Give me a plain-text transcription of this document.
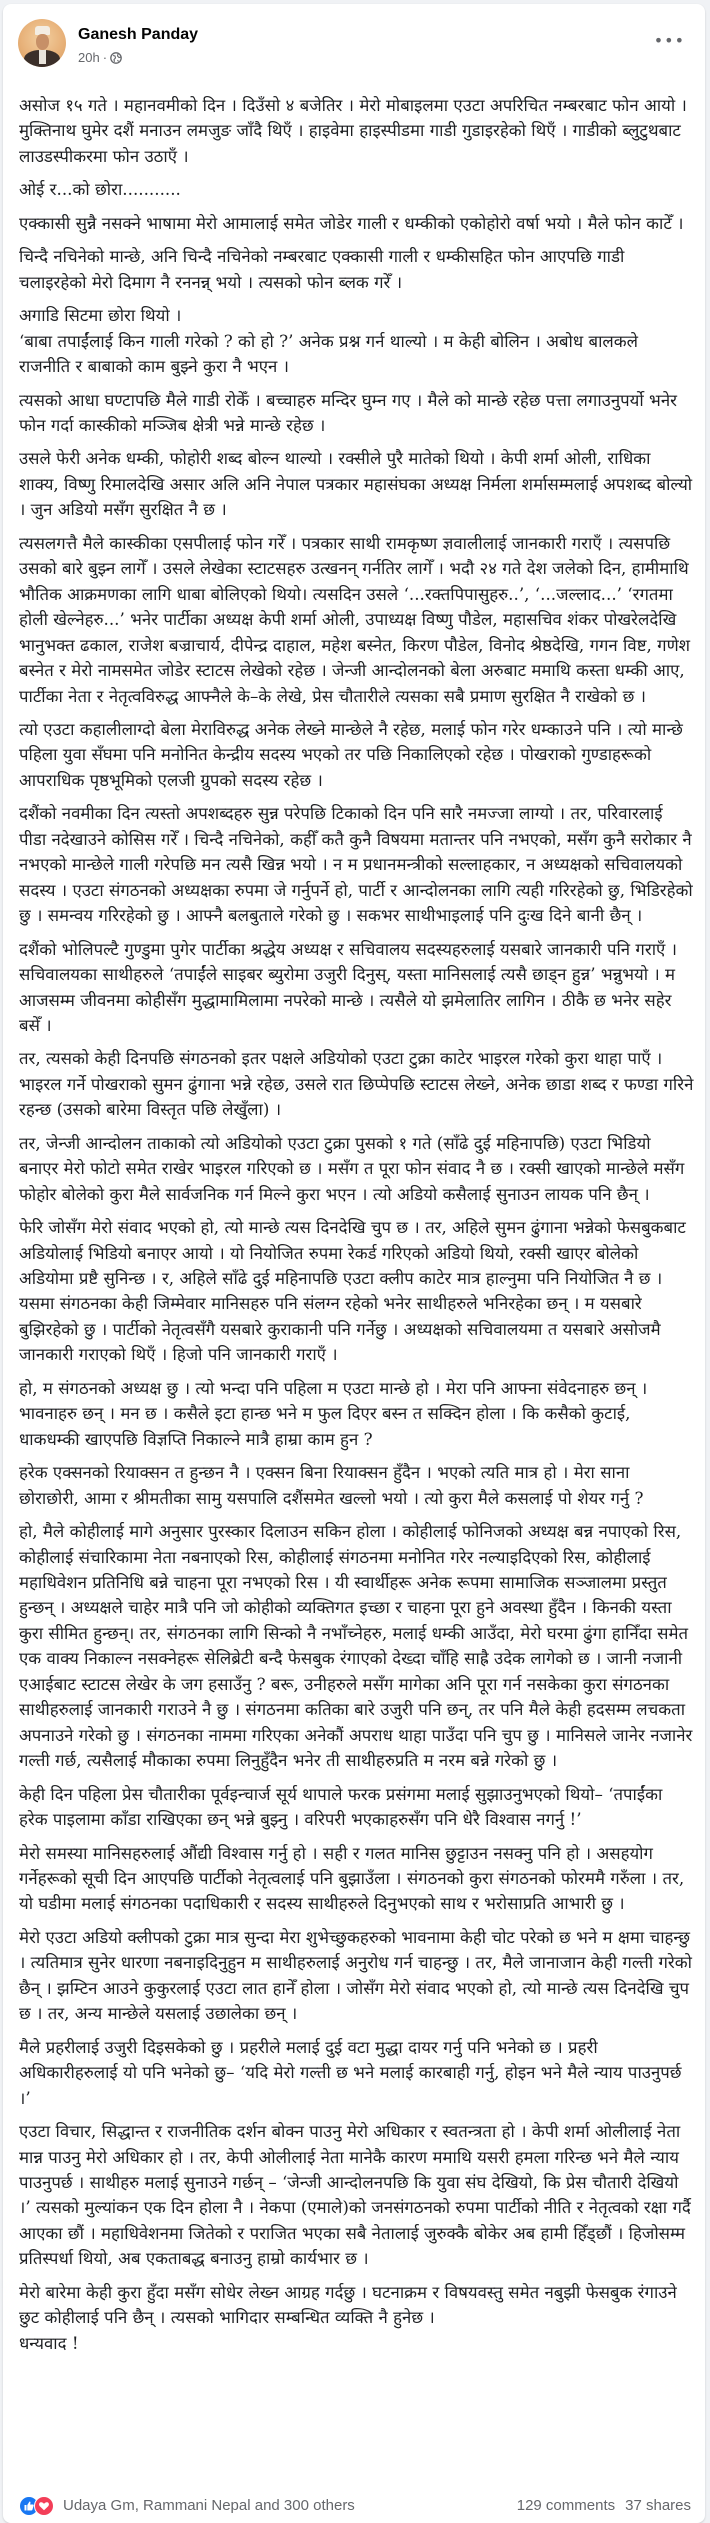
Ganesh Panday
20h ·
•••

असोज १५ गते । महानवमीको दिन । दिउँसो ४ बजेतिर । मेरो मोबाइलमा एउटा अपरिचित नम्बरबाट फोन आयो । मुक्तिनाथ घुमेर दशैं मनाउन लमजुङ जाँदै थिएँ । हाइवेमा हाइस्पीडमा गाडी गुडाइरहेको थिएँ । गाडीको ब्लुटुथबाट लाउडस्पीकरमा फोन उठाएँ ।

ओई र...को छोरा...........

एक्कासी सुन्नै नसक्ने भाषामा मेरो आमालाई समेत जोडेर गाली र धम्कीको एकोहोरो वर्षा भयो । मैले फोन काटेँ ।

चिन्दै नचिनेको मान्छे, अनि चिन्दै नचिनेको नम्बरबाट एक्कासी गाली र धम्कीसहित फोन आएपछि गाडी चलाइरहेको मेरो दिमाग नै रननन्न् भयो । त्यसको फोन ब्लक गरेँ ।

अगाडि सिटमा छोरा थियो ।
‘बाबा तपाईंलाई किन गाली गरेको ? को हो ?’ अनेक प्रश्न गर्न थाल्यो । म केही बोलिन । अबोध बालकले राजनीति र बाबाको काम बुझ्ने कुरा नै भएन ।

त्यसको आधा घण्टापछि मैले गाडी रोकेँ । बच्चाहरु मन्दिर घुम्न गए । मैले को मान्छे रहेछ पत्ता लगाउनुपर्यो भनेर फोन गर्दा कास्कीको मञ्जिब क्षेत्री भन्ने मान्छे रहेछ ।

उसले फेरी अनेक धम्की, फोहोरी शब्द बोल्न थाल्यो । रक्सीले पुरै मातेको थियो । केपी शर्मा ओली, राधिका शाक्य, विष्णु रिमालदेखि असार अलि अनि नेपाल पत्रकार महासंघका अध्यक्ष निर्मला शर्मासम्मलाई अपशब्द बोल्यो । जुन अडियो मसँग सुरक्षित नै छ ।

त्यसलगत्तै मैले कास्कीका एसपीलाई फोन गरेँ । पत्रकार साथी रामकृष्ण ज्ञवालीलाई जानकारी गराएँ । त्यसपछि उसको बारे बुझ्न लागेँ । उसले लेखेका स्टाटसहरु उत्खनन् गर्नतिर लागेँ । भदौ २४ गते देश जलेको दिन, हामीमाथि भौतिक आक्रमणका लागि धाबा बोलिएको थियो। त्यसदिन उसले ‘...रक्तपिपासुहरु..’, ‘...जल्लाद...’ ‘रगतमा होली खेल्नेहरु...’ भनेर पार्टीका अध्यक्ष केपी शर्मा ओली, उपाध्यक्ष विष्णु पौडेल, महासचिव शंकर पोखरेलदेखि भानुभक्त ढकाल, राजेश बज्राचार्य, दीपेन्द्र दाहाल, महेश बस्नेत, किरण पौडेल, विनोद श्रेष्ठदेखि, गगन विष्ट, गणेश बस्नेत र मेरो नामसमेत जोडेर स्टाटस लेखेको रहेछ । जेन्जी आन्दोलनको बेला अरुबाट ममाथि कस्ता धम्की आए, पार्टीका नेता र नेतृत्वविरुद्ध आफ्नैले के–के लेखे, प्रेस चौतारीले त्यसका सबै प्रमाण सुरक्षित नै राखेको छ ।

त्यो एउटा कहालीलाग्दो बेला मेराविरुद्ध अनेक लेख्ने मान्छेले नै रहेछ, मलाई फोन गरेर धम्काउने पनि । त्यो मान्छे पहिला युवा सँघमा पनि मनोनित केन्द्रीय सदस्य भएको तर पछि निकालिएको रहेछ । पोखराको गुण्डाहरूको आपराधिक पृष्ठभूमिको एलजी ग्रुपको सदस्य रहेछ ।

दशैंको नवमीका दिन त्यस्तो अपशब्दहरु सुन्न परेपछि टिकाको दिन पनि सारै नमज्जा लाग्यो । तर, परिवारलाई पीडा नदेखाउने कोसिस गरेँ । चिन्दै नचिनेको, कहीँ कतै कुनै विषयमा मतान्तर पनि नभएको, मसँग कुनै सरोकार नै नभएको मान्छेले गाली गरेपछि मन त्यसै खिन्न भयो । न म प्रधानमन्त्रीको सल्लाहकार, न अध्यक्षको सचिवालयको सदस्य । एउटा संगठनको अध्यक्षका रुपमा जे गर्नुपर्ने हो, पार्टी र आन्दोलनका लागि त्यही गरिरहेको छु, भिडिरहेको छु । समन्वय गरिरहेको छु । आफ्नै बलबुताले गरेको छु । सकभर साथीभाइलाई पनि दुःख दिने बानी छैन् ।

दशैंको भोलिपल्टै गुण्डुमा पुगेर पार्टीका श्रद्धेय अध्यक्ष र सचिवालय सदस्यहरुलाई यसबारे जानकारी पनि गराएँ । सचिवालयका साथीहरुले ‘तपाईंले साइबर ब्युरोमा उजुरी दिनुस्, यस्ता मानिसलाई त्यसै छाड्न हुन्न’ भन्नुभयो । म आजसम्म जीवनमा कोहीसँग मुद्धामामिलामा नपरेको मान्छे । त्यसैले यो झमेलातिर लागिन । ठीकै छ भनेर सहेर बसेँ ।

तर, त्यसको केही दिनपछि संगठनको इतर पक्षले अडियोको एउटा टुक्रा काटेर भाइरल गरेको कुरा थाहा पाएँ । भाइरल गर्ने पोखराको सुमन ढुंगाना भन्ने रहेछ, उसले रात छिप्पेपछि स्टाटस लेख्ने, अनेक छाडा शब्द र फण्डा गरिने रहन्छ (उसको बारेमा विस्तृत पछि लेखुँला) ।

तर, जेन्जी आन्दोलन ताकाको त्यो अडियोको एउटा टुक्रा पुसको १ गते (साँढे दुई महिनापछि) एउटा भिडियो बनाएर मेरो फोटो समेत राखेर भाइरल गरिएको छ । मसँग त पूरा फोन संवाद नै छ । रक्सी खाएको मान्छेले मसँग फोहोर बोलेको कुरा मैले सार्वजनिक गर्न मिल्ने कुरा भएन । त्यो अडियो कसैलाई सुनाउन लायक पनि छैन् ।

फेरि जोसँग मेरो संवाद भएको हो, त्यो मान्छे त्यस दिनदेखि चुप छ । तर, अहिले सुमन ढुंगाना भन्नेको फेसबुकबाट अडियोलाई भिडियो बनाएर आयो । यो नियोजित रुपमा रेकर्ड गरिएको अडियो थियो, रक्सी खाएर बोलेको अडियोमा प्रष्टै सुनिन्छ । र, अहिले साँढे दुई महिनापछि एउटा क्लीप काटेर मात्र हाल्नुमा पनि नियोजित नै छ । यसमा संगठनका केही जिम्मेवार मानिसहरु पनि संलग्न रहेको भनेर साथीहरुले भनिरहेका छन् । म यसबारे बुझिरहेको छु । पार्टीको नेतृत्वसँगै यसबारे कुराकानी पनि गर्नेछु । अध्यक्षको सचिवालयमा त यसबारे असोजमै जानकारी गराएको थिएँ । हिजो पनि जानकारी गराएँ ।

हो, म संगठनको अध्यक्ष छु । त्यो भन्दा पनि पहिला म एउटा मान्छे हो । मेरा पनि आफ्ना संवेदनाहरु छन् । भावनाहरु छन् । मन छ । कसैले इटा हान्छ भने म फुल दिएर बस्न त सक्दिन होला । कि कसैको कुटाई, धाकधम्की खाएपछि विज्ञप्ति निकाल्ने मात्रै हाम्रा काम हुन ?

हरेक एक्सनको रियाक्सन त हुन्छन नै । एक्सन बिना रियाक्सन हुँदैन । भएको त्यति मात्र हो । मेरा साना छोराछोरी, आमा र श्रीमतीका सामु यसपालि दशैंसमेत खल्लो भयो । त्यो कुरा मैले कसलाई पो शेयर गर्नु ?

हो, मैले कोहीलाई मागे अनुसार पुरस्कार दिलाउन सकिन होला । कोहीलाई फोनिजको अध्यक्ष बन्न नपाएको रिस, कोहीलाई संचारिकामा नेता नबनाएको रिस, कोहीलाई संगठनमा मनोनित गरेर नल्याइदिएको रिस, कोहीलाई महाधिवेशन प्रतिनिधि बन्ने चाहना पूरा नभएको रिस । यी स्वार्थीहरू अनेक रूपमा सामाजिक सञ्जालमा प्रस्तुत हुन्छन् । अध्यक्षले चाहेर मात्रै पनि जो कोहीको व्यक्तिगत इच्छा र चाहना पूरा हुने अवस्था हुँदैन । किनकी यस्ता कुरा सीमित हुन्छन्। तर, संगठनका लागि सिन्को नै नभाँच्नेहरु, मलाई धम्की आउँदा, मेरो घरमा ढुंगा हानिँदा समेत एक वाक्य निकाल्न नसक्नेहरू सेलिब्रेटी बन्दै फेसबुक रंगाएको देख्दा चाँहि साह्रै उदेक लागेको छ । जानी नजानी एआईबाट स्टाटस लेखेर के जग हसाउँनु ? बरू, उनीहरुले मसँग मागेका अनि पूरा गर्न नसकेका कुरा संगठनका साथीहरुलाई जानकारी गराउने नै छु । संगठनमा कतिका बारे उजुरी पनि छन्, तर पनि मैले केही हदसम्म लचकता अपनाउने गरेको छु । संगठनका नाममा गरिएका अनेकौं अपराध थाहा पाउँदा पनि चुप छु । मानिसले जानेर नजानेर गल्ती गर्छ, त्यसैलाई मौकाका रुपमा लिनुहुँदैन भनेर ती साथीहरुप्रति म नरम बन्ने गरेको छु ।

केही दिन पहिला प्रेस चौतारीका पूर्वइन्चार्ज सूर्य थापाले फरक प्रसंगमा मलाई सुझाउनुभएको थियो– ‘तपाईंका हरेक पाइलामा काँडा राखिएका छन् भन्ने बुझ्नु । वरिपरी भएकाहरुसँग पनि धेरै विश्वास नगर्नु !’

मेरो समस्या मानिसहरुलाई औंद्यी विश्वास गर्नु हो । सही र गलत मानिस छुट्टाउन नसक्नु पनि हो । असहयोग गर्नेहरूको सूची दिन आएपछि पार्टीको नेतृत्वलाई पनि बुझाउँला । संगठनको कुरा संगठनको फोरममै गरुँला । तर, यो घडीमा मलाई संगठनका पदाधिकारी र सदस्य साथीहरुले दिनुभएको साथ र भरोसाप्रति आभारी छु ।

मेरो एउटा अडियो क्लीपको टुक्रा मात्र सुन्दा मेरा शुभेच्छुकहरुको भावनामा केही चोट परेको छ भने म क्षमा चाहन्छु । त्यतिमात्र सुनेर धारणा नबनाइदिनुहुन म साथीहरुलाई अनुरोध गर्न चाहन्छु । तर, मैले जानाजान केही गल्ती गरेको छैन् । झम्टिन आउने कुकुरलाई एउटा लात हानेँ होला । जोसँग मेरो संवाद भएको हो, त्यो मान्छे त्यस दिनदेखि चुप छ । तर, अन्य मान्छेले यसलाई उछालेका छन् ।

मैले प्रहरीलाई उजुरी दिइसकेको छु । प्रहरीले मलाई दुई वटा मुद्धा दायर गर्नु पनि भनेको छ । प्रहरी अधिकारीहरुलाई यो पनि भनेको छु– ‘यदि मेरो गल्ती छ भने मलाई कारबाही गर्नु, होइन भने मैले न्याय पाउनुपर्छ ।’

एउटा विचार, सिद्धान्त र राजनीतिक दर्शन बोक्न पाउनु मेरो अधिकार र स्वतन्त्रता हो । केपी शर्मा ओलीलाई नेता मान्न पाउनु मेरो अधिकार हो । तर, केपी ओलीलाई नेता मानेकै कारण ममाथि यसरी हमला गरिन्छ भने मैले न्याय पाउनुपर्छ । साथीहरु मलाई सुनाउने गर्छन् – ‘जेन्जी आन्दोलनपछि कि युवा संघ देखियो, कि प्रेस चौतारी देखियो ।’ त्यसको मुल्यांकन एक दिन होला नै । नेकपा (एमाले)को जनसंगठनको रुपमा पार्टीको नीति र नेतृत्वको रक्षा गर्दै आएका छौं । महाधिवेशनमा जितेको र पराजित भएका सबै नेतालाई जुरुक्कै बोकेर अब हामी हिँड्छौं । हिजोसम्म प्रतिस्पर्धा थियो, अब एकताबद्ध बनाउनु हाम्रो कार्यभार छ ।

मेरो बारेमा केही कुरा हुँदा मसँग सोधेर लेख्न आग्रह गर्दछु । घटनाक्रम र विषयवस्तु समेत नबुझी फेसबुक रंगाउने छुट कोहीलाई पनि छैन् । त्यसको भागिदार सम्बन्धित व्यक्ति नै हुनेछ ।
धन्यवाद !

Udaya Gm, Rammani Nepal and 300 others	129 comments 37 shares
